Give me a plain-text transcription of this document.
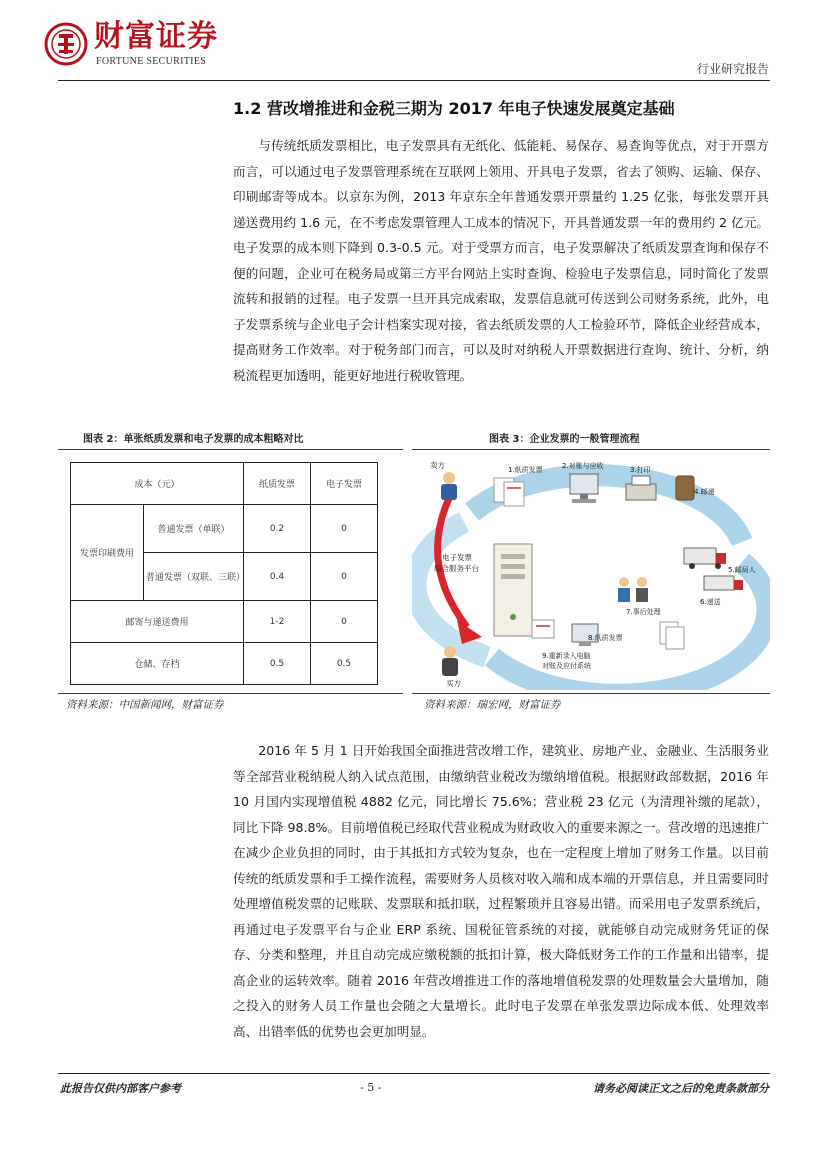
财富证券
FORTUNE SECURITIES
行业研究报告
1.2 营改增推进和金税三期为 2017 年电子快速发展奠定基础

与传统纸质发票相比，电子发票具有无纸化、低能耗、易保存、易查询等优点，对于开票方而言，可以通过电子发票管理系统在互联网上领用、开具电子发票，省去了领购、运输、保存、印刷邮寄等成本。以京东为例，2013 年京东全年普通发票开票量约 1.25 亿张，每张发票开具递送费用约 1.6 元，在不考虑发票管理人工成本的情况下，开具普通发票一年的费用约 2 亿元。电子发票的成本则下降到 0.3-0.5 元。对于受票方而言，电子发票解决了纸质发票查询和保存不便的问题，企业可在税务局或第三方平台网站上实时查询、检验电子发票信息，同时简化了发票流转和报销的过程。电子发票一旦开具完成索取，发票信息就可传送到公司财务系统，此外，电子发票系统与企业电子会计档案实现对接，省去纸质发票的人工检验环节，降低企业经营成本，提高财务工作效率。对于税务部门而言，可以及时对纳税人开票数据进行查询、统计、分析，纳税流程更加透明，能更好地进行税收管理。

图表 2：单张纸质发票和电子发票的成本粗略对比
成本（元）		纸质发票	电子发票
发票印刷费用	普通发票（单联）	0.2	0
	普通发票（双联、三联）	0.4	0
邮寄与递送费用		1-2	0
仓储、存档		0.5	0.5
资料来源：中国新闻网，财富证券
图表 3：企业发票的一般管理流程
电子发票
综合服务平台
卖方
买方
1.纸质发票	2.对账与应收	3.打印
4.邮递
5.邮局人
6.递送
7.事后处理
8.纸质发票
9.重新录入电脑
对账及应付系统
资料来源：瑞宏网，财富证券

2016 年 5 月 1 日开始我国全面推进营改增工作，建筑业、房地产业、金融业、生活服务业等全部营业税纳税人纳入试点范围，由缴纳营业税改为缴纳增值税。根据财政部数据，2016 年 10 月国内实现增值税 4882 亿元，同比增长 75.6%；营业税 23 亿元（为清理补缴的尾款），同比下降 98.8%。目前增值税已经取代营业税成为财政收入的重要来源之一。营改增的迅速推广在减少企业负担的同时，由于其抵扣方式较为复杂，也在一定程度上增加了财务工作量。以目前传统的纸质发票和手工操作流程，需要财务人员核对收入端和成本端的开票信息，并且需要同时处理增值税发票的记账联、发票联和抵扣联，过程繁琐并且容易出错。而采用电子发票系统后，再通过电子发票平台与企业 ERP 系统、国税征管系统的对接，就能够自动完成财务凭证的保存、分类和整理，并且自动完成应缴税额的抵扣计算，极大降低财务工作的工作量和出错率，提高企业的运转效率。随着 2016 年营改增推进工作的落地增值税发票的处理数量会大量增加，随之投入的财务人员工作量也会随之大量增长。此时电子发票在单张发票边际成本低、处理效率高、出错率低的优势也会更加明显。

此报告仅供内部客户参考	- 5 -	请务必阅读正文之后的免责条款部分
